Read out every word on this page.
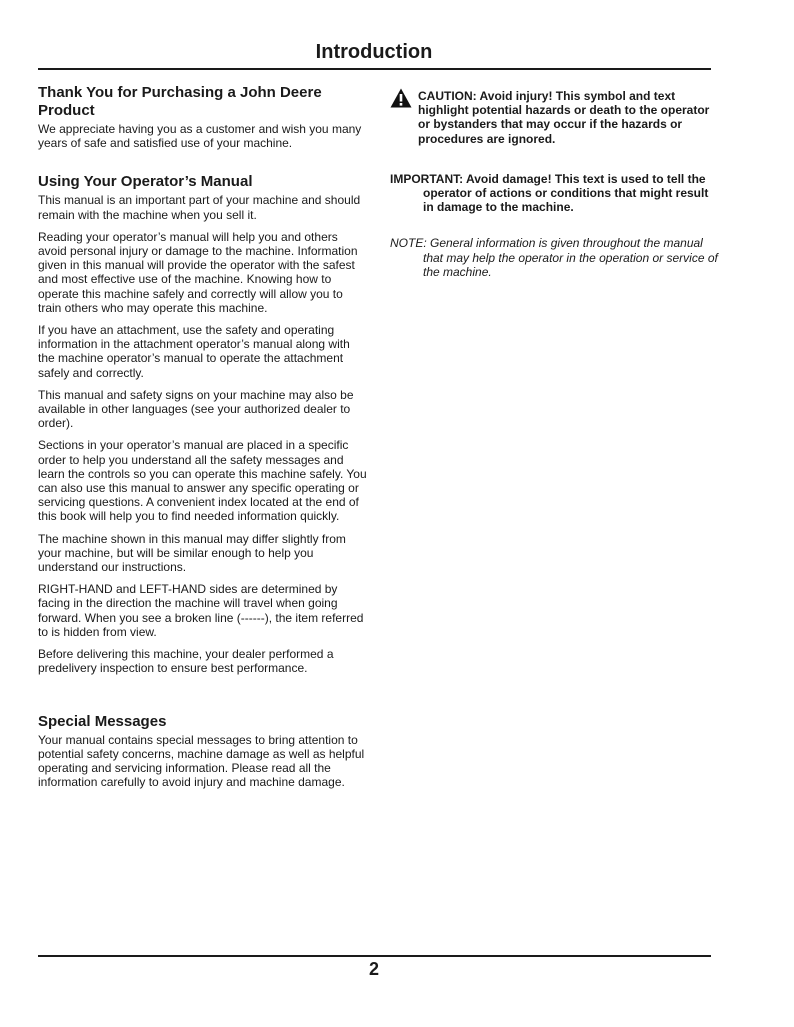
Introduction
Thank You for Purchasing a John Deere Product

We appreciate having you as a customer and wish you many years of safe and satisfied use of your machine.

Using Your Operator’s Manual

This manual is an important part of your machine and should remain with the machine when you sell it.

Reading your operator’s manual will help you and others avoid personal injury or damage to the machine. Information given in this manual will provide the operator with the safest and most effective use of the machine. Knowing how to operate this machine safely and correctly will allow you to train others who may operate this machine.

If you have an attachment, use the safety and operating information in the attachment operator’s manual along with the machine operator’s manual to operate the attachment safely and correctly.

This manual and safety signs on your machine may also be available in other languages (see your authorized dealer to order).

Sections in your operator’s manual are placed in a specific order to help you understand all the safety messages and learn the controls so you can operate this machine safely. You can also use this manual to answer any specific operating or servicing questions. A convenient index located at the end of this book will help you to find needed information quickly.

The machine shown in this manual may differ slightly from your machine, but will be similar enough to help you understand our instructions.

RIGHT-HAND and LEFT-HAND sides are determined by facing in the direction the machine will travel when going forward. When you see a broken line (------), the item referred to is hidden from view.

Before delivering this machine, your dealer performed a predelivery inspection to ensure best performance.

Special Messages

Your manual contains special messages to bring attention to potential safety concerns, machine damage as well as helpful operating and servicing information. Please read all the information carefully to avoid injury and machine damage.

CAUTION: Avoid injury! This symbol and text highlight potential hazards or death to the operator or bystanders that may occur if the hazards or procedures are ignored.
IMPORTANT: Avoid damage! This text is used to tell the operator of actions or conditions that might result in damage to the machine.
NOTE: General information is given throughout the manual that may help the operator in the operation or service of the machine.
2
